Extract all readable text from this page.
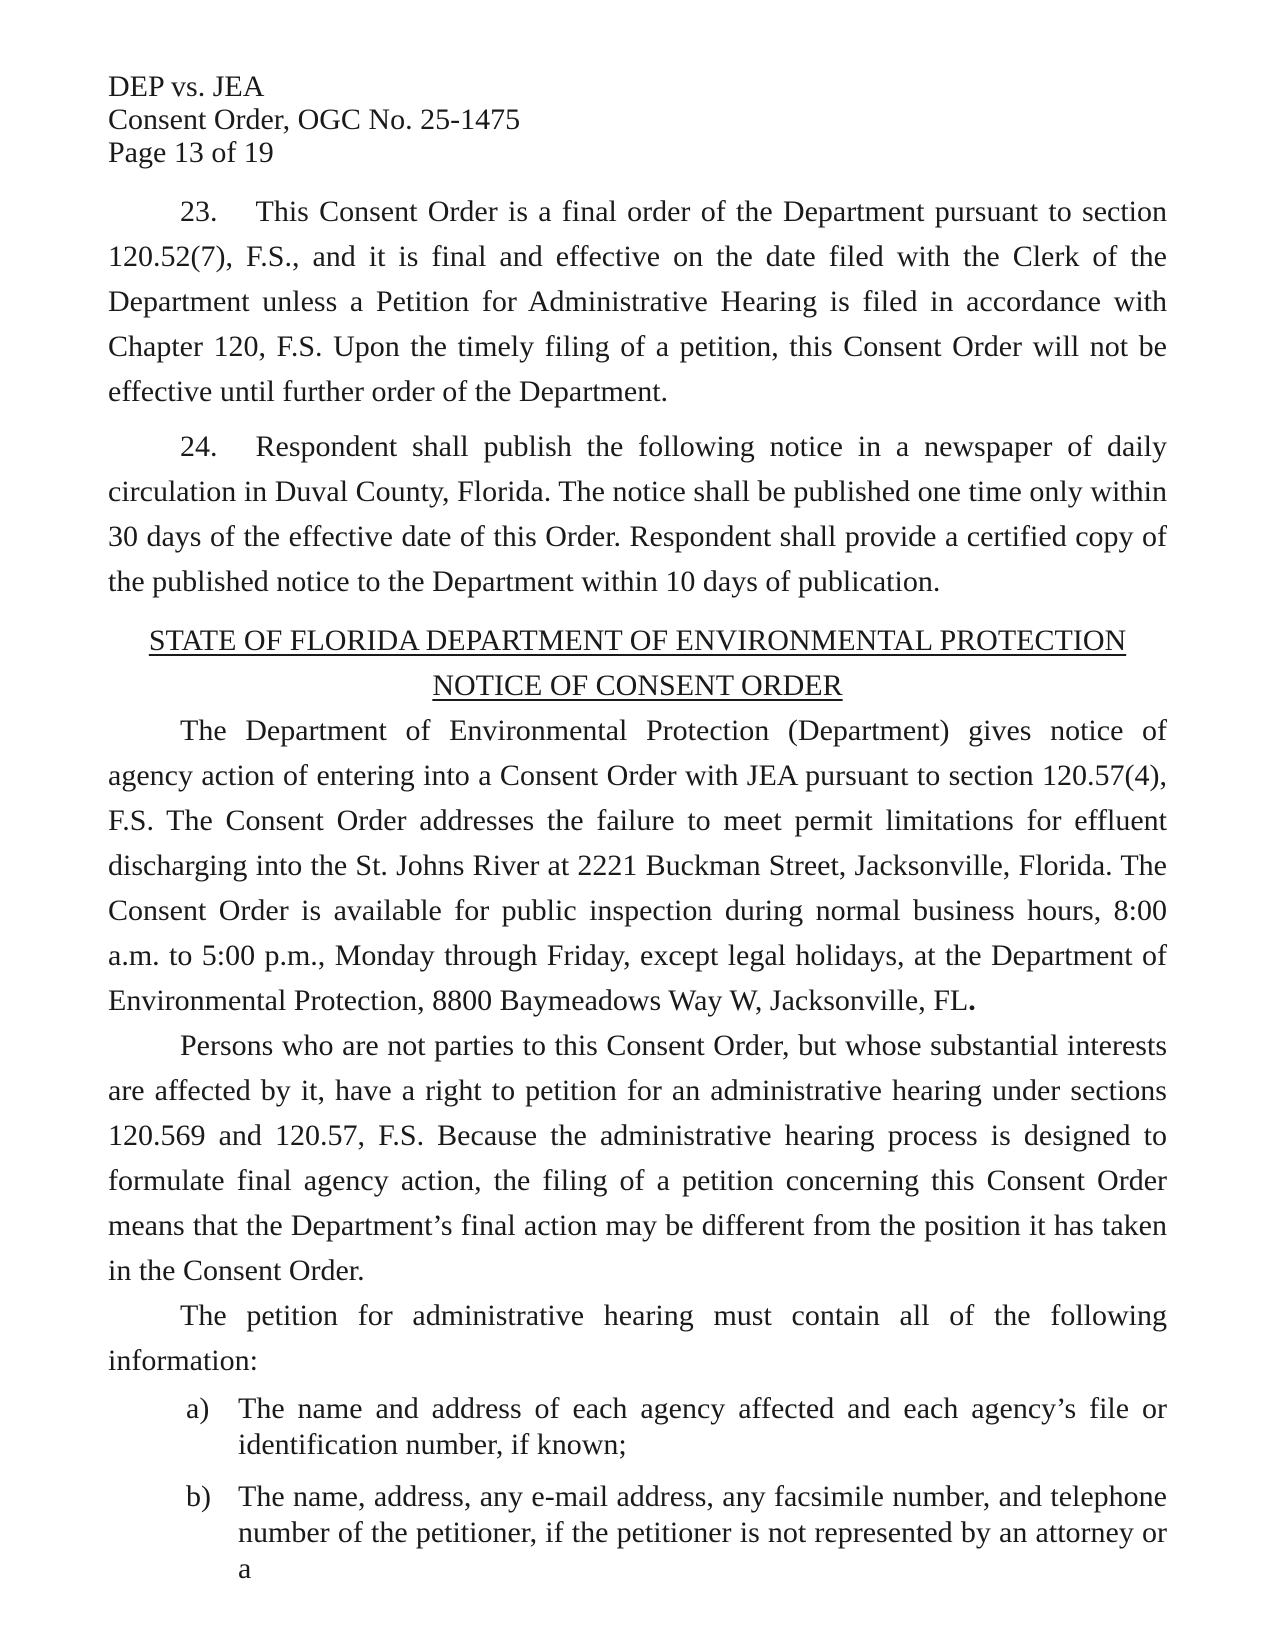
DEP vs. JEA
Consent Order, OGC No. 25-1475
Page 13 of 19

23. This Consent Order is a final order of the Department pursuant to section 120.52(7), F.S., and it is final and effective on the date filed with the Clerk of the Department unless a Petition for Administrative Hearing is filed in accordance with Chapter 120, F.S. Upon the timely filing of a petition, this Consent Order will not be effective until further order of the Department.

24. Respondent shall publish the following notice in a newspaper of daily circulation in Duval County, Florida. The notice shall be published one time only within 30 days of the effective date of this Order. Respondent shall provide a certified copy of the published notice to the Department within 10 days of publication.

STATE OF FLORIDA DEPARTMENT OF ENVIRONMENTAL PROTECTION
NOTICE OF CONSENT ORDER

The Department of Environmental Protection (Department) gives notice of agency action of entering into a Consent Order with JEA pursuant to section 120.57(4), F.S. The Consent Order addresses the failure to meet permit limitations for effluent discharging into the St. Johns River at 2221 Buckman Street, Jacksonville, Florida. The Consent Order is available for public inspection during normal business hours, 8:00 a.m. to 5:00 p.m., Monday through Friday, except legal holidays, at the Department of Environmental Protection, 8800 Baymeadows Way W, Jacksonville, FL.

Persons who are not parties to this Consent Order, but whose substantial interests are affected by it, have a right to petition for an administrative hearing under sections 120.569 and 120.57, F.S. Because the administrative hearing process is designed to formulate final agency action, the filing of a petition concerning this Consent Order means that the Department’s final action may be different from the position it has taken in the Consent Order.

The petition for administrative hearing must contain all of the following information:

a) The name and address of each agency affected and each agency’s file or identification number, if known;
b) The name, address, any e-mail address, any facsimile number, and telephone number of the petitioner, if the petitioner is not represented by an attorney or a
